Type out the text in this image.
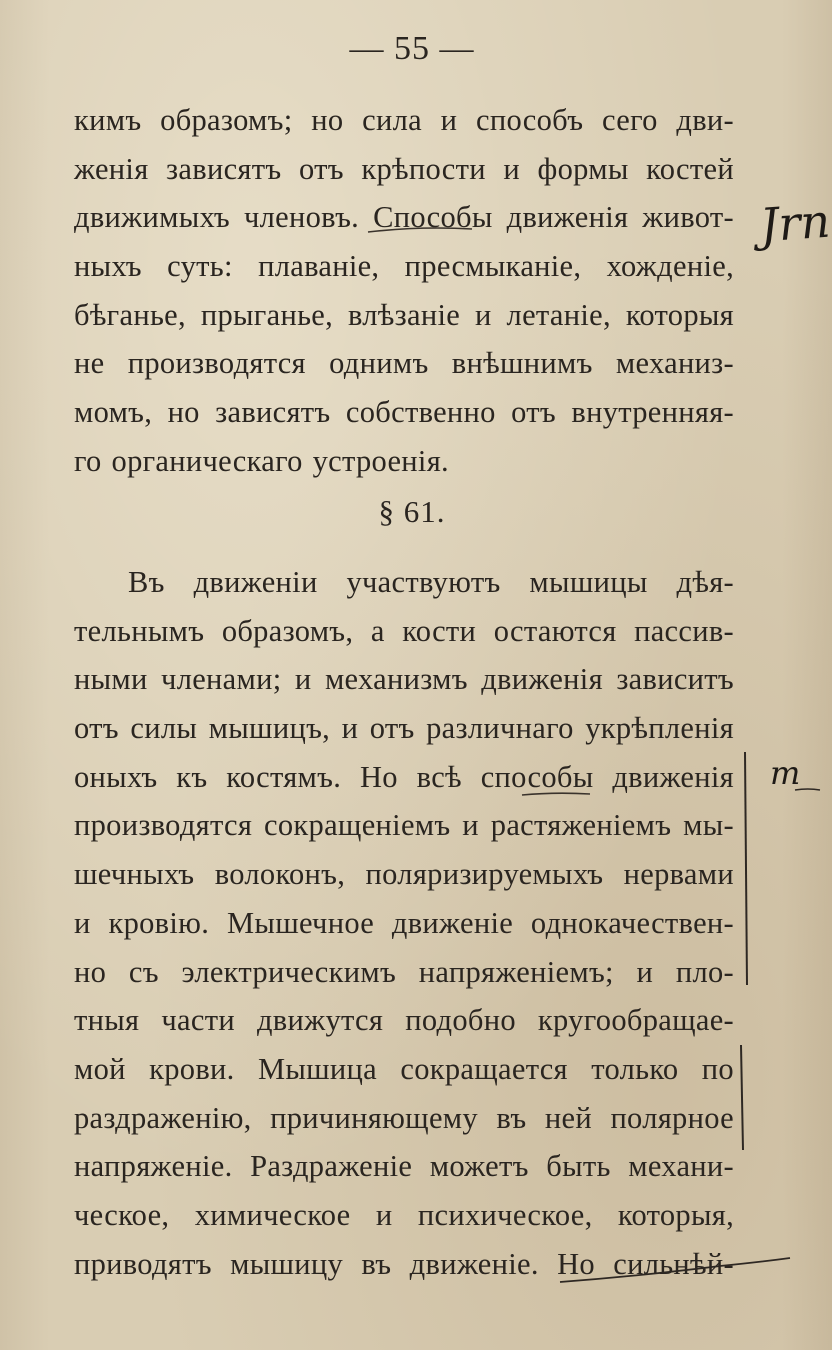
— 55 —
кимъ образомъ; но сила и способъ сего дви-
женія зависятъ отъ крѣпости и формы костей
движимыхъ членовъ. Способы движенія живот-
ныхъ суть: плаваніе, пресмыканіе, хожденіе,
бѣганье, прыганье, влѣзаніе и летаніе, которыя
не производятся однимъ внѣшнимъ механиз-
момъ, но зависятъ собственно отъ внутренняя-
го органическаго устроенія.
§ 61.
Въ движеніи участвуютъ мышицы дѣя-
тельнымъ образомъ, а кости остаются пассив-
ными членами; и механизмъ движенія зависитъ
отъ силы мышицъ, и отъ различнаго укрѣпленія
оныхъ къ костямъ. Но всѣ способы движенія
производятся сокращеніемъ и растяженіемъ мы-
шечныхъ волоконъ, поляризируемыхъ нервами
и кровію. Мышечное движеніе однокачествен-
но съ электрическимъ напряженіемъ; и пло-
тныя части движутся подобно кругообращае-
мой крови. Мышица сокращается только по
раздраженію, причиняющему въ ней полярное
напряженіе. Раздраженіе можетъ быть механи-
ческое, химическое и психическое, которыя,
приводятъ мышицу въ движеніе. Но сильнѣй-
Jrn
m
